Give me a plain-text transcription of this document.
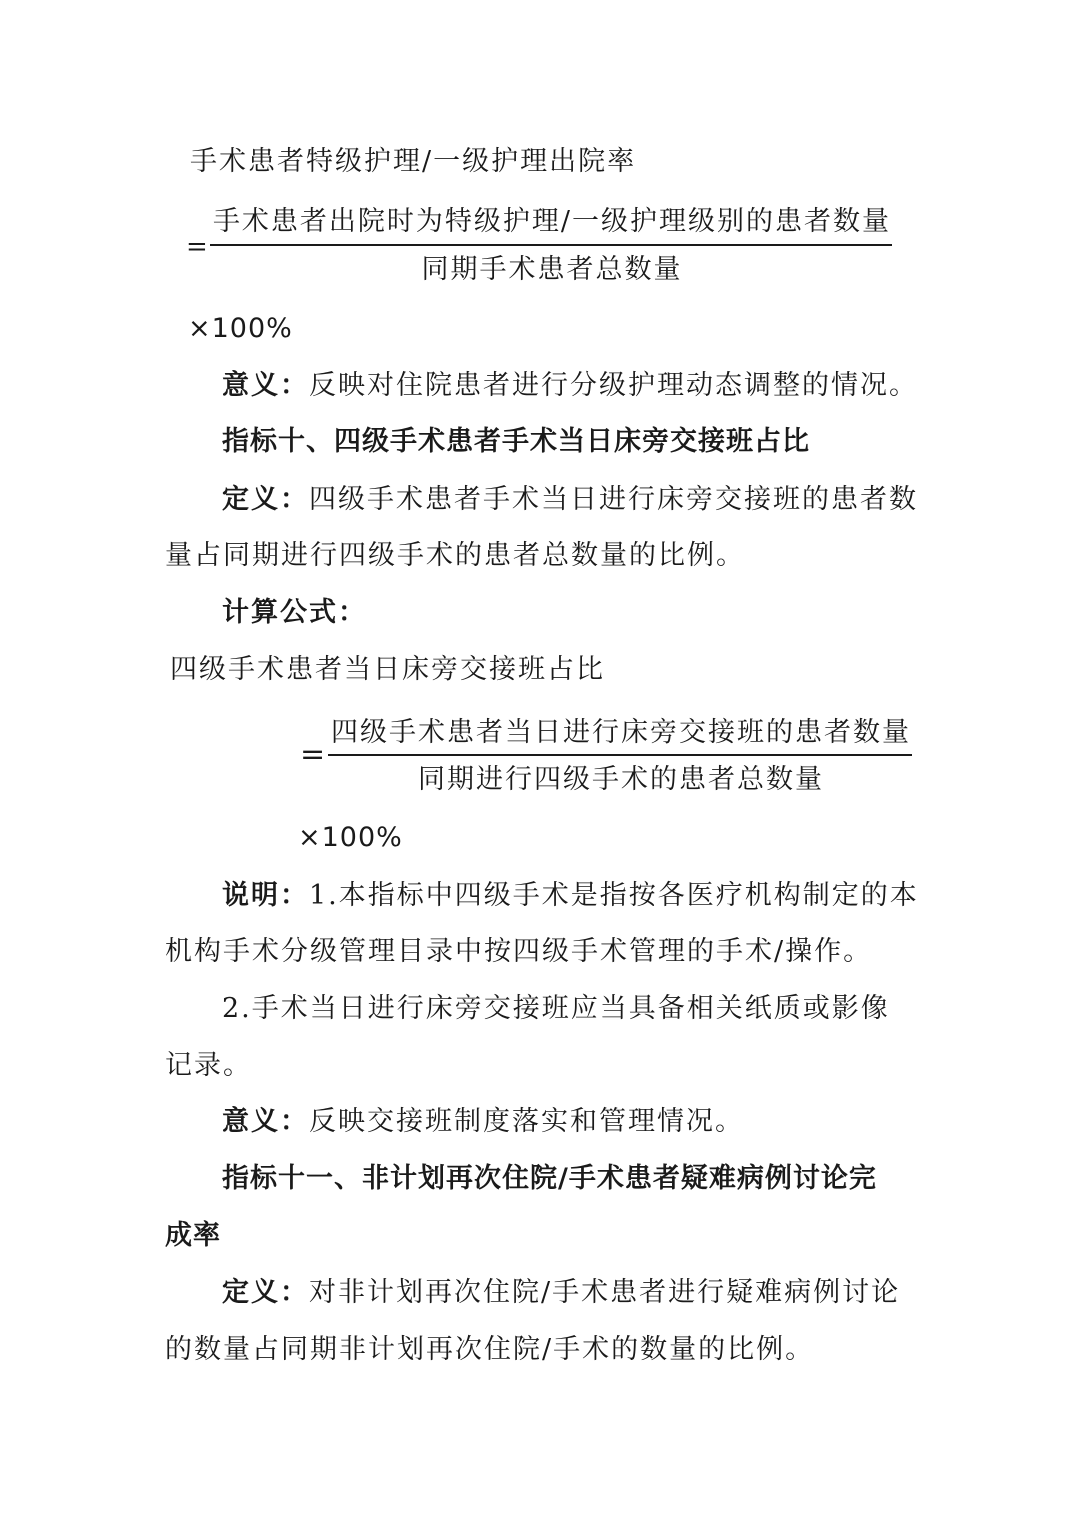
手术患者特级护理/一级护理出院率
=
手术患者出院时为特级护理/一级护理级别的患者数量
同期手术患者总数量
×100%
意义：反映对住院患者进行分级护理动态调整的情况。
指标十、四级手术患者手术当日床旁交接班占比
定义：四级手术患者手术当日进行床旁交接班的患者数
量占同期进行四级手术的患者总数量的比例。
计算公式：
四级手术患者当日床旁交接班占比
=
四级手术患者当日进行床旁交接班的患者数量
同期进行四级手术的患者总数量
×100%
说明：1.本指标中四级手术是指按各医疗机构制定的本
机构手术分级管理目录中按四级手术管理的手术/操作。
2.手术当日进行床旁交接班应当具备相关纸质或影像
记录。
意义：反映交接班制度落实和管理情况。
指标十一、非计划再次住院/手术患者疑难病例讨论完
成率
定义：对非计划再次住院/手术患者进行疑难病例讨论
的数量占同期非计划再次住院/手术的数量的比例。
